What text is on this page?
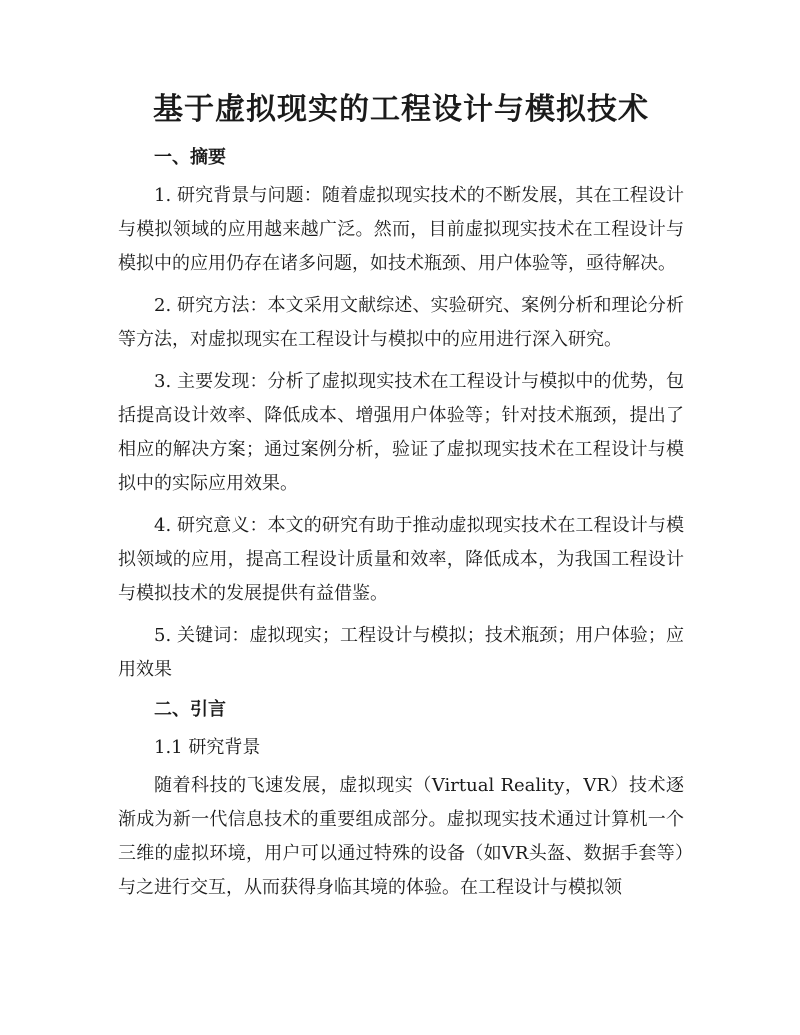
基于虚拟现实的工程设计与模拟技术
一、摘要

1. 研究背景与问题：随着虚拟现实技术的不断发展，其在工程设计与模拟领域的应用越来越广泛。然而，目前虚拟现实技术在工程设计与模拟中的应用仍存在诸多问题，如技术瓶颈、用户体验等，亟待解决。

2. 研究方法：本文采用文献综述、实验研究、案例分析和理论分析等方法，对虚拟现实在工程设计与模拟中的应用进行深入研究。

3. 主要发现：分析了虚拟现实技术在工程设计与模拟中的优势，包括提高设计效率、降低成本、增强用户体验等；针对技术瓶颈，提出了相应的解决方案；通过案例分析，验证了虚拟现实技术在工程设计与模拟中的实际应用效果。

4. 研究意义：本文的研究有助于推动虚拟现实技术在工程设计与模拟领域的应用，提高工程设计质量和效率，降低成本，为我国工程设计与模拟技术的发展提供有益借鉴。

5. 关键词：虚拟现实；工程设计与模拟；技术瓶颈；用户体验；应用效果

二、引言

1.1 研究背景

随着科技的飞速发展，虚拟现实（Virtual Reality，VR）技术逐渐成为新一代信息技术的重要组成部分。虚拟现实技术通过计算机一个三维的虚拟环境，用户可以通过特殊的设备（如VR头盔、数据手套等）与之进行交互，从而获得身临其境的体验。在工程设计与模拟领
